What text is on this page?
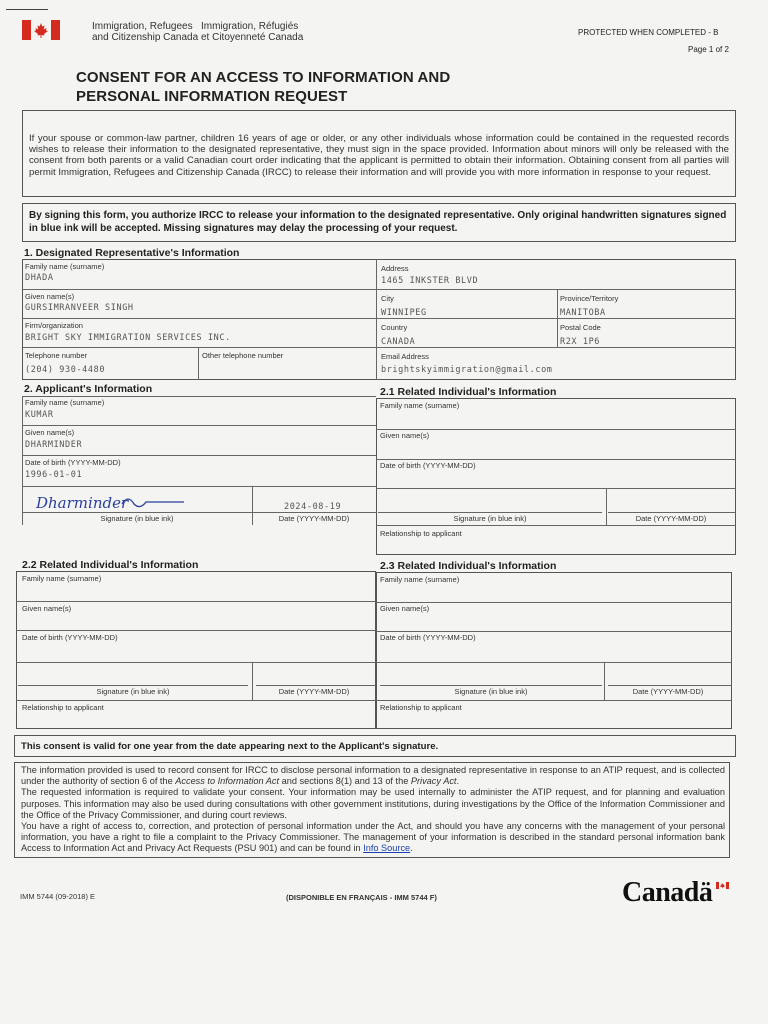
Immigration, Refugees
and Citizenship Canada
Immigration, Réfugiés
et Citoyenneté Canada	PROTECTED WHEN COMPLETED - B
Page 1 of 2
CONSENT FOR AN ACCESS TO INFORMATION AND
PERSONAL INFORMATION REQUEST
If your spouse or common-law partner, children 16 years of age or older, or any other individuals whose information could be contained in the requested records wishes to release their information to the designated representative, they must sign in the space provided. Information about minors will only be released with the consent from both parents or a valid Canadian court order indicating that the applicant is permitted to obtain their information. Obtaining consent from all parties will permit Immigration, Refugees and Citizenship Canada (IRCC) to release their information and will provide you with more information in response to your request.
By signing this form, you authorize IRCC to release your information to the designated representative. Only original handwritten signatures signed in blue ink will be accepted. Missing signatures may delay the processing of your request.
1. Designated Representative's Information
Family name (surname)
DHADA
Given name(s)
GURSIMRANVEER SINGH
Firm/organization
BRIGHT SKY IMMIGRATION SERVICES INC.
Telephone number
(204) 930-4480
Other telephone number
Address
1465 INKSTER BLVD
City
WINNIPEG
Province/Territory
MANITOBA
Country
CANADA
Postal Code
R2X 1P6
Email Address
brightskyimmigration@gmail.com
2. Applicant's Information
Family name (surname)
KUMAR
Given name(s)
DHARMINDER
Date of birth (YYYY-MM-DD)
1996-01-01
Dharminder	2024-08-19
Signature (in blue ink)	Date (YYYY-MM-DD)
2.1 Related Individual's Information
Family name (surname)
Given name(s)
Date of birth (YYYY-MM-DD)
Signature (in blue ink)	Date (YYYY-MM-DD)
Relationship to applicant
2.2 Related Individual's Information
Family name (surname)
Given name(s)
Date of birth (YYYY-MM-DD)
Signature (in blue ink)	Date (YYYY-MM-DD)
Relationship to applicant
2.3 Related Individual's Information
Family name (surname)
Given name(s)
Date of birth (YYYY-MM-DD)
Signature (in blue ink)	Date (YYYY-MM-DD)
Relationship to applicant
This consent is valid for one year from the date appearing next to the Applicant's signature.
The information provided is used to record consent for IRCC to disclose personal information to a designated representative in response to an ATIP request, and is collected under the authority of section 6 of the Access to Information Act and sections 8(1) and 13 of the Privacy Act.
The requested information is required to validate your consent. Your information may be used internally to administer the ATIP request, and for planning and evaluation purposes. This information may also be used during consultations with other government institutions, during investigations by the Office of the Information Commissioner and the Office of the Privacy Commissioner, and during court reviews.
You have a right of access to, correction, and protection of personal information under the Act, and should you have any concerns with the management of your personal information, you have a right to file a complaint to the Privacy Commissioner. The management of your information is described in the standard personal information bank Access to Information Act and Privacy Act Requests (PSU 901) and can be found in Info Source.
IMM 5744 (09-2018) E	(DISPONIBLE EN FRANÇAIS - IMM 5744 F)	Canadä
